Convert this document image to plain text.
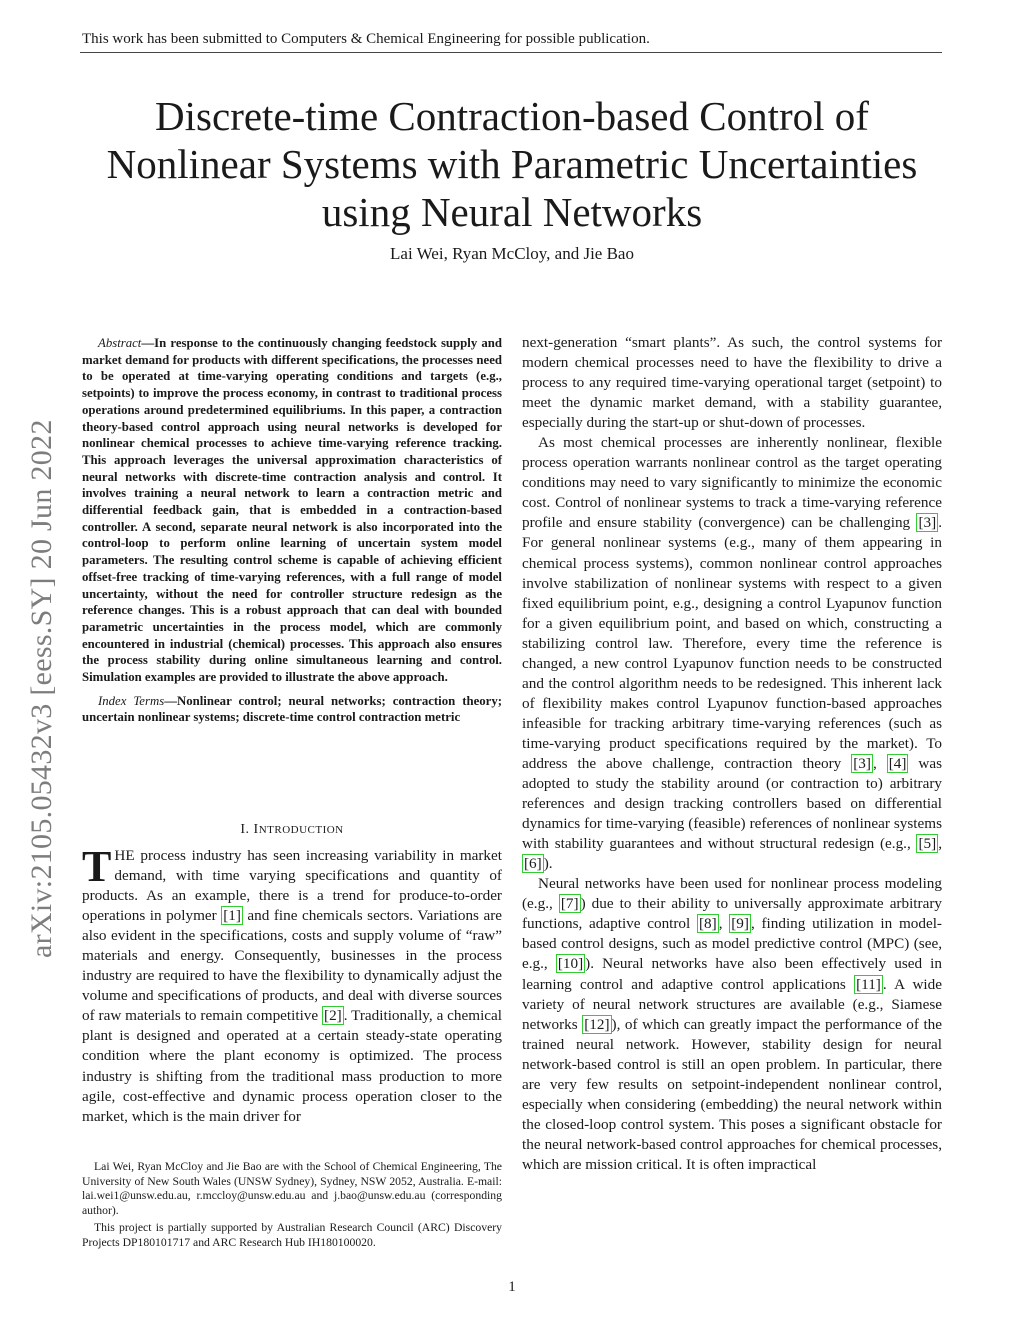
This work has been submitted to Computers & Chemical Engineering for possible publication.
Discrete-time Contraction-based Control of
Nonlinear Systems with Parametric Uncertainties
using Neural Networks
Lai Wei, Ryan McCloy, and Jie Bao
arXiv:2105.05432v3 [eess.SY] 20 Jun 2022

Abstract—In response to the continuously changing feedstock supply and market demand for products with different specifications, the processes need to be operated at time-varying operating conditions and targets (e.g., setpoints) to improve the process economy, in contrast to traditional process operations around predetermined equilibriums. In this paper, a contraction theory-based control approach using neural networks is developed for nonlinear chemical processes to achieve time-varying reference tracking. This approach leverages the universal approximation characteristics of neural networks with discrete-time contraction analysis and control. It involves training a neural network to learn a contraction metric and differential feedback gain, that is embedded in a contraction-based controller. A second, separate neural network is also incorporated into the control-loop to perform online learning of uncertain system model parameters. The resulting control scheme is capable of achieving efficient offset-free tracking of time-varying references, with a full range of model uncertainty, without the need for controller structure redesign as the reference changes. This is a robust approach that can deal with bounded parametric uncertainties in the process model, which are commonly encountered in industrial (chemical) processes. This approach also ensures the process stability during online simultaneous learning and control. Simulation examples are provided to illustrate the above approach.

Index Terms—Nonlinear control; neural networks; contraction theory; uncertain nonlinear systems; discrete-time control contraction metric

I. INTRODUCTION

THE process industry has seen increasing variability in market demand, with time varying specifications and quantity of products. As an example, there is a trend for produce-to-order operations in polymer [1] and fine chemicals sectors. Variations are also evident in the specifications, costs and supply volume of “raw” materials and energy. Consequently, businesses in the process industry are required to have the flexibility to dynamically adjust the volume and specifications of products, and deal with diverse sources of raw materials to remain competitive [2] . Traditionally, a chemical plant is designed and operated at a certain steady-state operating condition where the plant economy is optimized. The process industry is shifting from the traditional mass production to more agile, cost-effective and dynamic process operation closer to the market, which is the main driver for

Lai Wei, Ryan McCloy and Jie Bao are with the School of Chemical Engineering, The University of New South Wales (UNSW Sydney), Sydney, NSW 2052, Australia. E-mail: lai.wei1@unsw.edu.au, r.mccloy@unsw.edu.au and j.bao@unsw.edu.au (corresponding author).

This project is partially supported by Australian Research Council (ARC) Discovery Projects DP180101717 and ARC Research Hub IH180100020.

next-generation “smart plants”. As such, the control systems for modern chemical processes need to have the flexibility to drive a process to any required time-varying operational target (setpoint) to meet the dynamic market demand, with a stability guarantee, especially during the start-up or shut-down of processes.

As most chemical processes are inherently nonlinear, flexible process operation warrants nonlinear control as the target operating conditions may need to vary significantly to minimize the economic cost. Control of nonlinear systems to track a time-varying reference profile and ensure stability (convergence) can be challenging [3] . For general nonlinear systems (e.g., many of them appearing in chemical process systems), common nonlinear control approaches involve stabilization of nonlinear systems with respect to a given fixed equilibrium point, e.g., designing a control Lyapunov function for a given equilibrium point, and based on which, constructing a stabilizing control law. Therefore, every time the reference is changed, a new control Lyapunov function needs to be constructed and the control algorithm needs to be redesigned. This inherent lack of flexibility makes control Lyapunov function-based approaches infeasible for tracking arbitrary time-varying references (such as time-varying product specifications required by the market). To address the above challenge, contraction theory [3] , [4] was adopted to study the stability around (or contraction to) arbitrary references and design tracking controllers based on differential dynamics for time-varying (feasible) references of nonlinear systems with stability guarantees and without structural redesign (e.g., [5] , [6] ).

Neural networks have been used for nonlinear process modeling (e.g., [7] ) due to their ability to universally approximate arbitrary functions, adaptive control [8] , [9] , finding utilization in model-based control designs, such as model predictive control (MPC) (see, e.g., [10] ). Neural networks have also been effectively used in learning control and adaptive control applications [11] . A wide variety of neural network structures are available (e.g., Siamese networks [12] ), of which can greatly impact the performance of the trained neural network. However, stability design for neural network-based control is still an open problem. In particular, there are very few results on setpoint-independent nonlinear control, especially when considering (embedding) the neural network within the closed-loop control system. This poses a significant obstacle for the neural network-based control approaches for chemical processes, which are mission critical. It is often impractical

1
